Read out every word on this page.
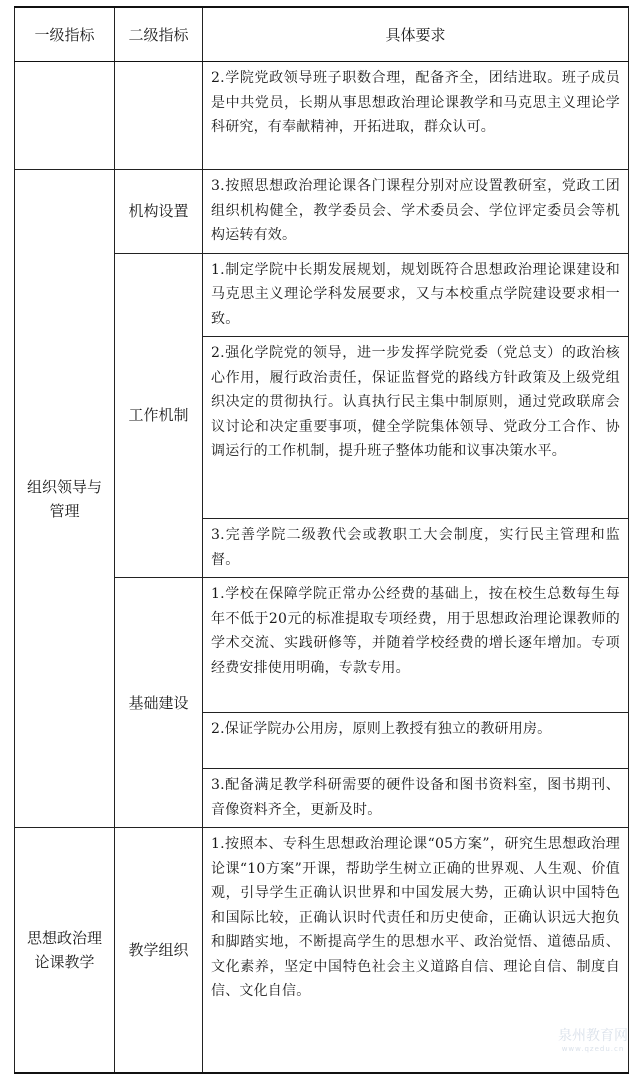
一级指标	二级指标	具体要求
		2.学院党政领导班子职数合理，配备齐全，团结进取。班子成员是中共党员，长期从事思想政治理论课教学和马克思主义理论学科研究，有奉献精神，开拓进取，群众认可。
组织领导与管理	机构设置	3.按照思想政治理论课各门课程分别对应设置教研室，党政工团组织机构健全，教学委员会、学术委员会、学位评定委员会等机构运转有效。
	工作机制	1.制定学院中长期发展规划，规划既符合思想政治理论课建设和马克思主义理论学科发展要求，又与本校重点学院建设要求相一致。
		2.强化学院党的领导，进一步发挥学院党委（党总支）的政治核心作用，履行政治责任，保证监督党的路线方针政策及上级党组织决定的贯彻执行。认真执行民主集中制原则，通过党政联席会议讨论和决定重要事项，健全学院集体领导、党政分工合作、协调运行的工作机制，提升班子整体功能和议事决策水平。
		3.完善学院二级教代会或教职工大会制度，实行民主管理和监督。
	基础建设	1.学校在保障学院正常办公经费的基础上，按在校生总数每生每年不低于20元的标准提取专项经费，用于思想政治理论课教师的学术交流、实践研修等，并随着学校经费的增长逐年增加。专项经费安排使用明确，专款专用。
		2.保证学院办公用房，原则上教授有独立的教研用房。
		3.配备满足教学科研需要的硬件设备和图书资料室，图书期刊、音像资料齐全，更新及时。
思想政治理论课教学	教学组织	1.按照本、专科生思想政治理论课“05方案”，研究生思想政治理论课“10方案”开课，帮助学生树立正确的世界观、人生观、价值观，引导学生正确认识世界和中国发展大势，正确认识中国特色和国际比较，正确认识时代责任和历史使命，正确认识远大抱负和脚踏实地，不断提高学生的思想水平、政治觉悟、道德品质、文化素养，坚定中国特色社会主义道路自信、理论自信、制度自信、文化自信。
泉州教育网
www.qzedu.cn
